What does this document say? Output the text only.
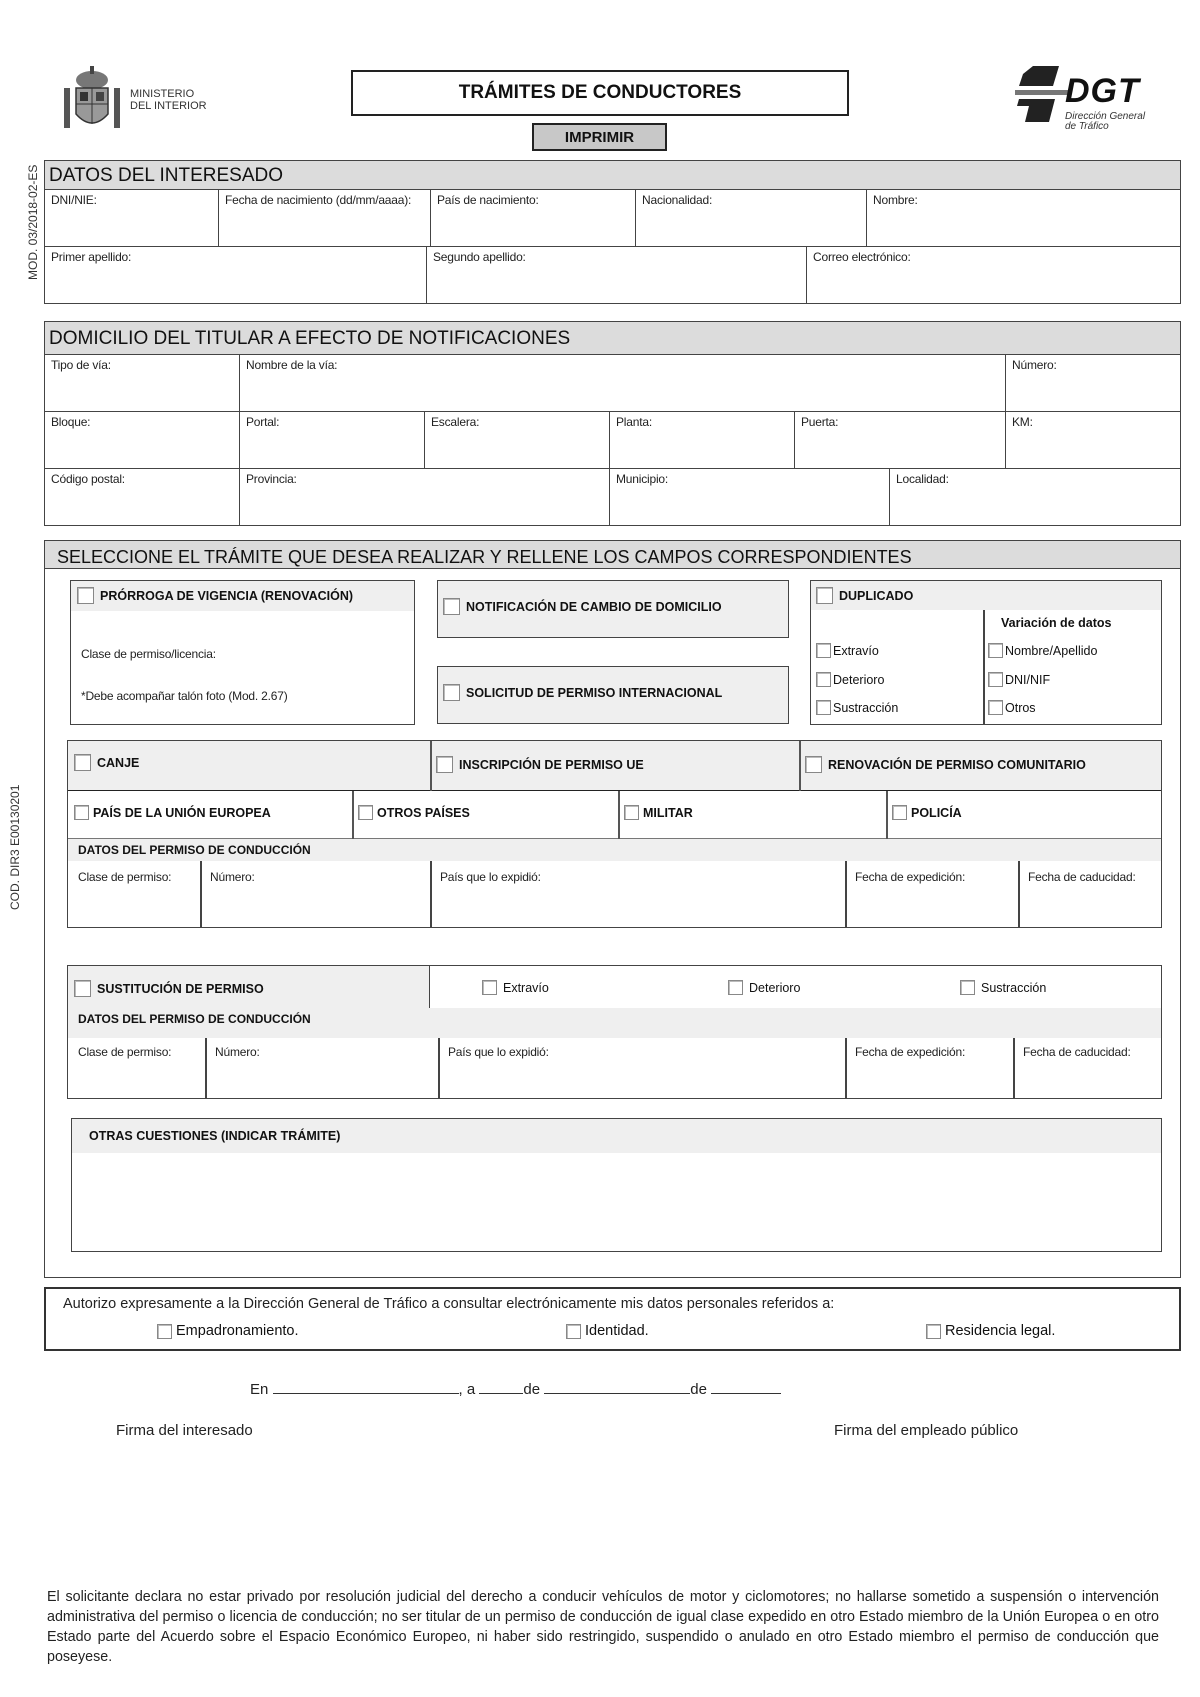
MINISTERIO
DEL INTERIOR
TRÁMITES DE CONDUCTORES
IMPRIMIR
DGT
Dirección General
de Tráfico
MOD. 03/2018-02-ES
COD. DIR3 E00130201
DATOS DEL INTERESADO
DNI/NIE:	Fecha de nacimiento (dd/mm/aaaa):	País de nacimiento:	Nacionalidad:	Nombre:
Primer apellido:	Segundo apellido:	Correo electrónico:
DOMICILIO DEL TITULAR A EFECTO DE NOTIFICACIONES
Tipo de vía:	Nombre de la vía:	Número:
Bloque:	Portal:	Escalera:	Planta:	Puerta:	KM:
Código postal:	Provincia:	Municipio:	Localidad:
SELECCIONE EL TRÁMITE QUE DESEA REALIZAR Y RELLENE LOS CAMPOS CORRESPONDIENTES
PRÓRROGA DE VIGENCIA (RENOVACIÓN)
Clase de permiso/licencia:
*Debe acompañar talón foto (Mod. 2.67)
NOTIFICACIÓN DE CAMBIO DE DOMICILIO
SOLICITUD DE PERMISO INTERNACIONAL
DUPLICADO
Extravío
Deterioro
Sustracción
Variación de datos
Nombre/Apellido
DNI/NIF
Otros
CANJE	INSCRIPCIÓN DE PERMISO UE	RENOVACIÓN DE PERMISO COMUNITARIO
PAÍS DE LA UNIÓN EUROPEA	OTROS PAÍSES	MILITAR	POLICÍA
DATOS DEL PERMISO DE CONDUCCIÓN
Clase de permiso:	Número:	País que lo expidió:	Fecha de expedición:	Fecha de caducidad:
SUSTITUCIÓN DE PERMISO	Extravío	Deterioro	Sustracción
DATOS DEL PERMISO DE CONDUCCIÓN
Clase de permiso:	Número:	País que lo expidió:	Fecha de expedición:	Fecha de caducidad:
OTRAS CUESTIONES (INDICAR TRÁMITE)
Autorizo expresamente a la Dirección General de Tráfico a consultar electrónicamente mis datos personales referidos a:
Empadronamiento.	Identidad.	Residencia legal.
En	, a	de	de
Firma del interesado	Firma del empleado público
El solicitante declara no estar privado por resolución judicial del derecho a conducir vehículos de motor y ciclomotores; no hallarse sometido a suspensión o intervención administrativa del permiso o licencia de conducción; no ser titular de un permiso de conducción de igual clase expedido en otro Estado miembro de la Unión Europea o en otro Estado parte del Acuerdo sobre el Espacio Económico Europeo, ni haber sido restringido, suspendido o anulado en otro Estado miembro el permiso de conducción que poseyese.
